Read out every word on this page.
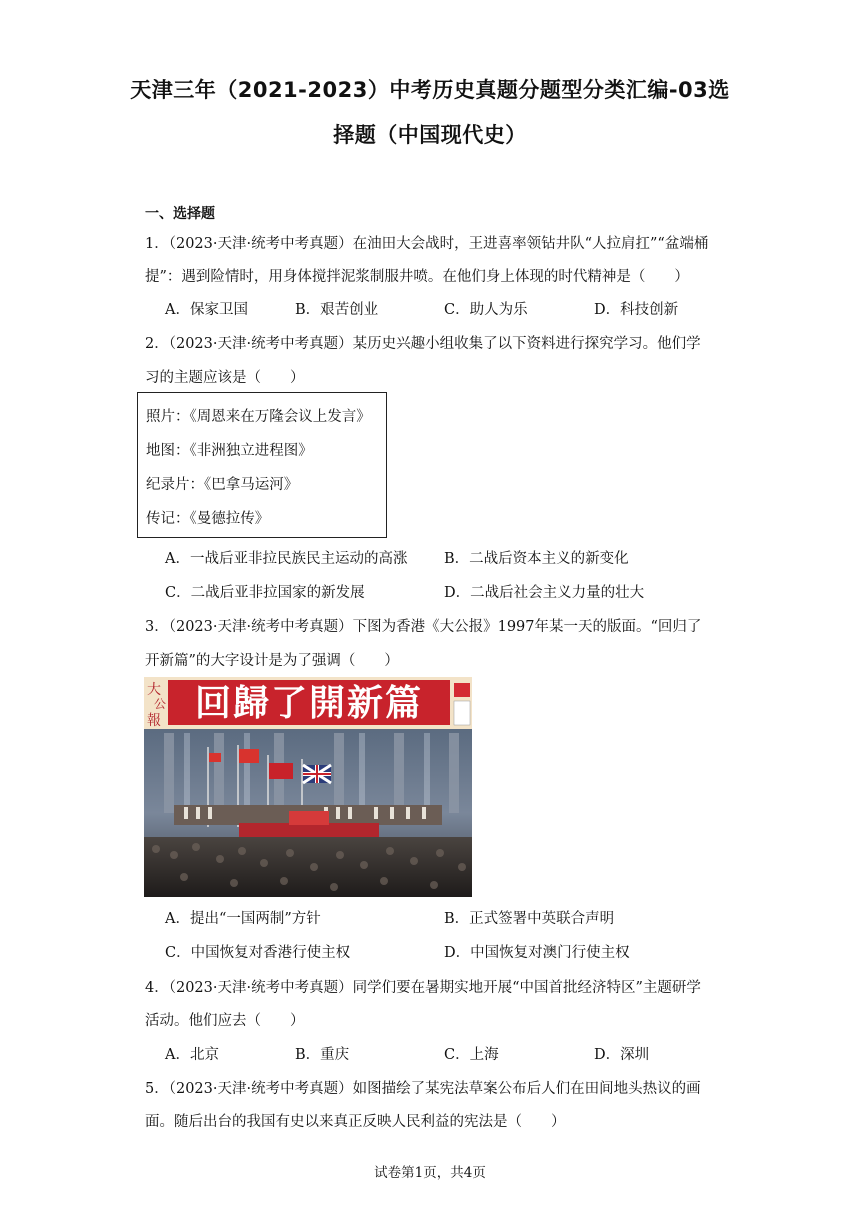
天津三年（2021-2023）中考历史真题分题型分类汇编-03选
择题（中国现代史）
一、选择题
1．（2023·天津·统考中考真题）在油田大会战时，王进喜率领钻井队“人拉肩扛”“盆端桶
提”：遇到险情时，用身体搅拌泥浆制服井喷。在他们身上体现的时代精神是（　　）
A．保家卫国	B．艰苦创业	C．助人为乐	D．科技创新
2．（2023·天津·统考中考真题）某历史兴趣小组收集了以下资料进行探究学习。他们学
习的主题应该是（　　）
照片：《周恩来在万隆会议上发言》
地图：《非洲独立进程图》
纪录片：《巴拿马运河》
传记：《曼德拉传》
A．一战后亚非拉民族民主运动的高涨	B．二战后资本主义的新变化
C．二战后亚非拉国家的新发展	D．二战后社会主义力量的壮大
3．（2023·天津·统考中考真题）下图为香港《大公报》1997年某一天的版面。“回归了
开新篇”的大字设计是为了强调（　　）
大
公
報 回歸了開新篇
A．提出“一国两制”方针	B．正式签署中英联合声明
C．中国恢复对香港行使主权	D．中国恢复对澳门行使主权
4．（2023·天津·统考中考真题）同学们要在暑期实地开展“中国首批经济特区”主题研学
活动。他们应去（　　）
A．北京	B．重庆	C．上海	D．深圳
5．（2023·天津·统考中考真题）如图描绘了某宪法草案公布后人们在田间地头热议的画
面。随后出台的我国有史以来真正反映人民利益的宪法是（　　）
试卷第1页，共4页
